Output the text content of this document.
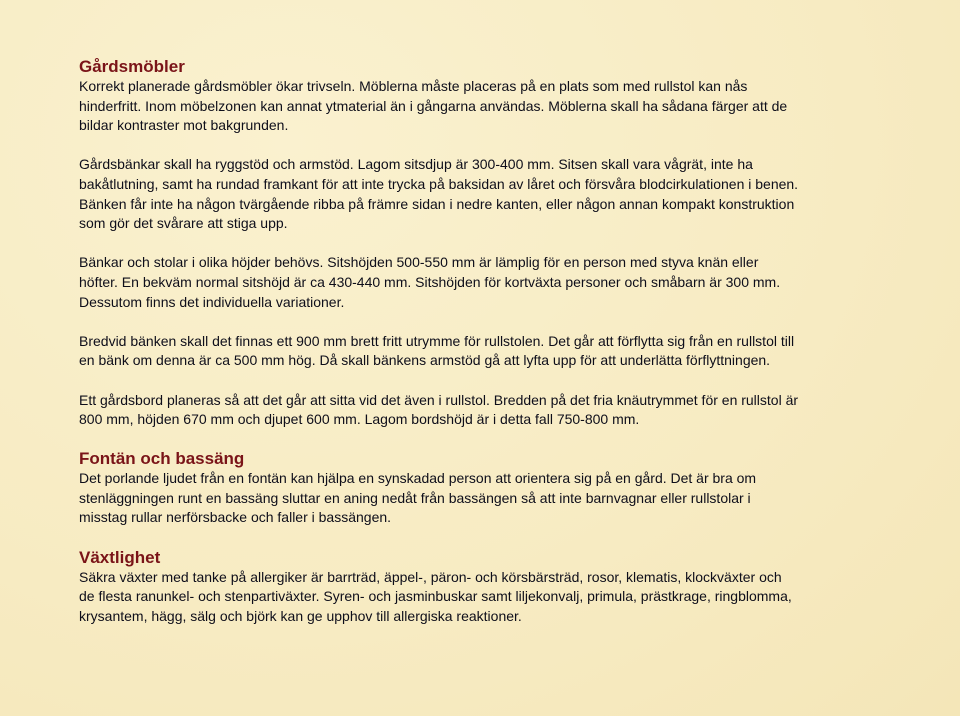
Gårdsmöbler

Korrekt planerade gårdsmöbler ökar trivseln. Möblerna måste placeras på en plats som med rullstol kan nås
hinderfritt. Inom möbelzonen kan annat ytmaterial än i gångarna användas. Möblerna skall ha sådana färger att de
bildar kontraster mot bakgrunden.

Gårdsbänkar skall ha ryggstöd och armstöd. Lagom sitsdjup är 300-400 mm. Sitsen skall vara vågrät, inte ha
bakåtlutning, samt ha rundad framkant för att inte trycka på baksidan av låret och försvåra blodcirkulationen i benen.
Bänken får inte ha någon tvärgående ribba på främre sidan i nedre kanten, eller någon annan kompakt konstruktion
som gör det svårare att stiga upp.

Bänkar och stolar i olika höjder behövs. Sitshöjden 500-550 mm är lämplig för en person med styva knän eller
höfter. En bekväm normal sitshöjd är ca 430-440 mm. Sitshöjden för kortväxta personer och småbarn är 300 mm.
Dessutom finns det individuella variationer.

Bredvid bänken skall det finnas ett 900 mm brett fritt utrymme för rullstolen. Det går att förflytta sig från en rullstol till
en bänk om denna är ca 500 mm hög. Då skall bänkens armstöd gå att lyfta upp för att underlätta förflyttningen.

Ett gårdsbord planeras så att det går att sitta vid det även i rullstol. Bredden på det fria knäutrymmet för en rullstol är
800 mm, höjden 670 mm och djupet 600 mm. Lagom bordshöjd är i detta fall 750-800 mm.

Fontän och bassäng

Det porlande ljudet från en fontän kan hjälpa en synskadad person att orientera sig på en gård. Det är bra om
stenläggningen runt en bassäng sluttar en aning nedåt från bassängen så att inte barnvagnar eller rullstolar i
misstag rullar nerförsbacke och faller i bassängen.

Växtlighet

Säkra växter med tanke på allergiker är barrträd, äppel-, päron- och körsbärsträd, rosor, klematis, klockväxter och
de flesta ranunkel- och stenpartiväxter. Syren- och jasminbuskar samt liljekonvalj, primula, prästkrage, ringblomma,
krysantem, hägg, sälg och björk kan ge upphov till allergiska reaktioner.
